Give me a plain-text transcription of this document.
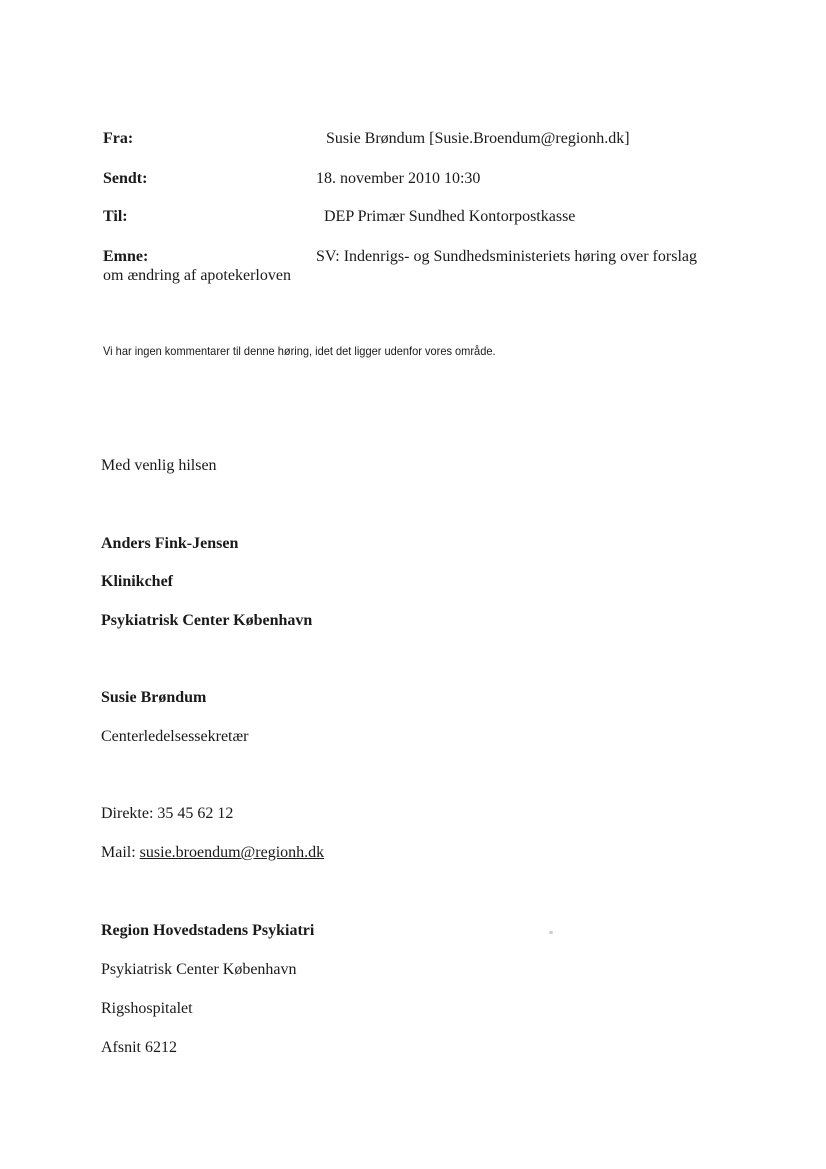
Fra:	Susie Brøndum [Susie.Broendum@regionh.dk]
Sendt:	18. november 2010 10:30
Til:	DEP Primær Sundhed Kontorpostkasse
Emne:	SV: Indenrigs- og Sundhedsministeriets høring over forslag
om ændring af apotekerloven
Vi har ingen kommentarer til denne høring, idet det ligger udenfor vores område.
Med venlig hilsen
Anders Fink-Jensen
Klinikchef
Psykiatrisk Center København
Susie Brøndum
Centerledelsessekretær
Direkte: 35 45 62 12
Mail: susie.broendum@regionh.dk
Region Hovedstadens Psykiatri
Psykiatrisk Center København
Rigshospitalet
Afsnit 6212
